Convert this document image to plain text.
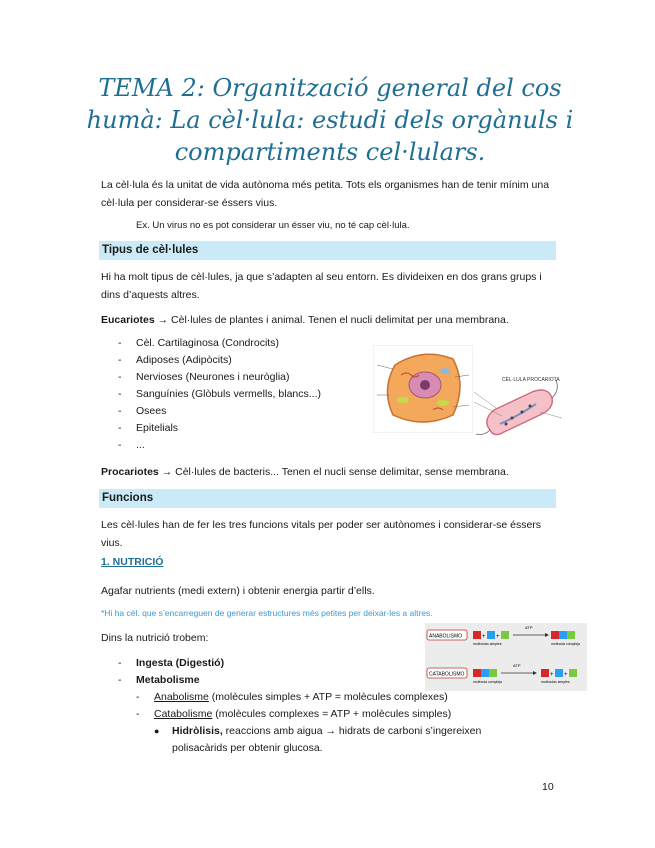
TEMA 2: Organització general del cos humà: La cèl·lula: estudi dels orgànuls i compartiments cel·lulars.
La cèl·lula és la unitat de vida autònoma més petita. Tots els organismes han de tenir mínim una cèl·lula per considerar-se éssers vius.
Ex. Un virus no es pot considerar un ésser viu, no té cap cèl·lula.
Tipus de cèl·lules
Hi ha molt tipus de cèl·lules, ja que s’adapten al seu entorn. Es divideixen en dos grans grups i dins d’aquests altres.
Eucariotes → Cèl·lules de plantes i animal. Tenen el nucli delimitat per una membrana.
- Cèl. Cartilaginosa (Condrocits)
- Adiposes (Adipòcits)
- Nervioses (Neurones i neuròglia)
- Sanguínies (Glòbuls vermells, blancs...)
- Osees
- Epitelials
- ...
CÈL·LULA PROCARIOTA
Procariotes → Cèl·lules de bacteris... Tenen el nucli sense delimitar, sense membrana.
Funcions
Les cèl·lules han de fer les tres funcions vitals per poder ser autònomes i considerar-se éssers vius.
1. NUTRICIÓ
Agafar nutrients (medi extern) i obtenir energia partir d’ells.
*Hi ha cèl. que s’encarreguen de generar estructures més petites per deixar-les a altres.
Dins la nutrició trobem:
- Ingesta (Digestió)
- Metabolisme
- Anabolisme (molècules simples + ATP = molècules complexes)
- Catabolisme (molècules complexes = ATP + molècules simples)
● Hidròlisis, reaccions amb aigua → hidrats de carboni s’ingereixen
polisacàrids per obtenir glucosa.
ANABOLISMO	+ +
moléculas simples
ATP
molécula compleja
CATABOLISMO
molécula compleja
ATP
+ +
moléculas simples
10
